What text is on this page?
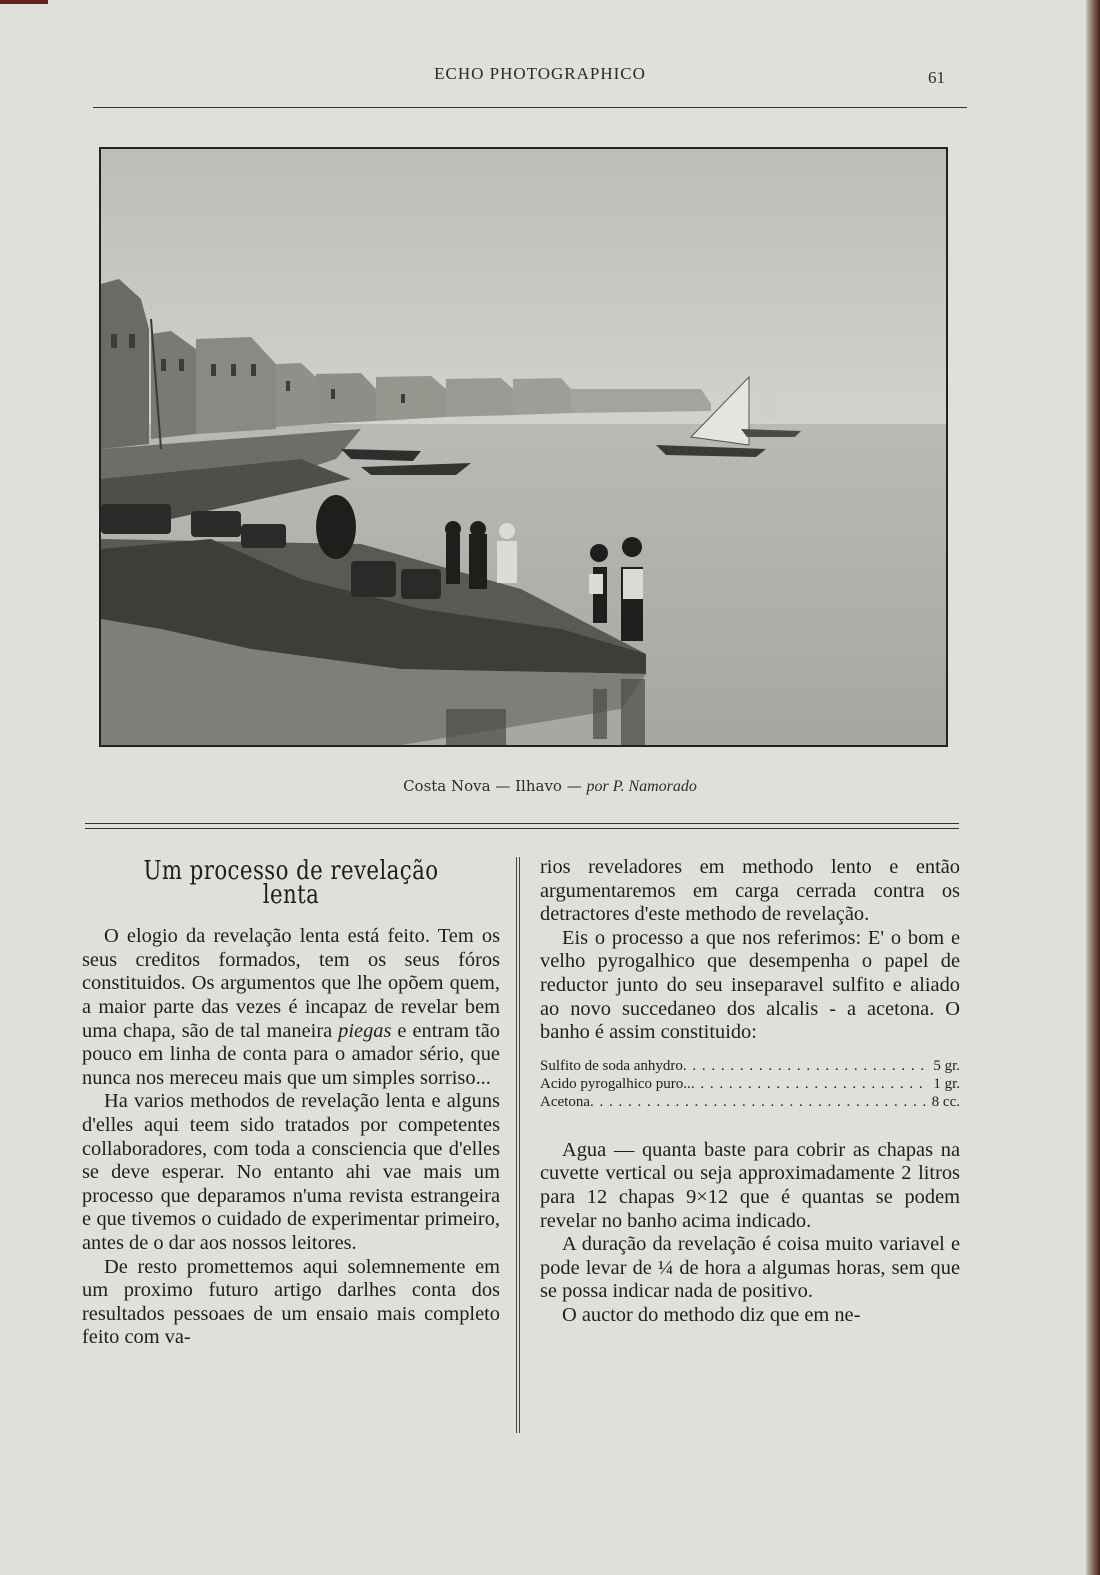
ECHO PHOTOGRAPHICO	61
Costa Nova — Ilhavo — por P. Namorado
Um processo de revelação lenta

O elogio da revelação lenta está feito. Tem os seus creditos formados, tem os seus fóros constituidos. Os argumentos que lhe opõem quem, a maior parte das vezes é incapaz de revelar bem uma chapa, são de tal maneira piegas e entram tão pouco em linha de conta para o amador sério, que nunca nos mereceu mais que um simples sorriso...

Ha varios methodos de revelação lenta e alguns d'elles aqui teem sido tratados por competentes collaboradores, com toda a consciencia que d'elles se deve esperar. No entanto ahi vae mais um processo que deparamos n'uma revista estrangeira e que tivemos o cuidado de experimentar primeiro, antes de o dar aos nossos leitores.

De resto promettemos aqui solemnemente em um proximo futuro artigo darlhes conta dos resultados pessoaes de um ensaio mais completo feito com va-

rios reveladores em methodo lento e então argumentaremos em carga cerrada contra os detractores d'este methodo de revelação.

Eis o processo a que nos referimos: E' o bom e velho pyrogalhico que desempenha o papel de reductor junto do seu inseparavel sulfito e aliado ao novo succedaneo dos alcalis - a acetona. O banho é assim constituido:

Sulfito de soda anhydro . . .	5 gr.
Acido pyrogalhico puro.. . . .	1 gr.
Acetona . . .	8 cc.

Agua — quanta baste para cobrir as chapas na cuvette vertical ou seja approximadamente 2 litros para 12 chapas 9×12 que é quantas se podem revelar no banho acima indicado.

A duração da revelação é coisa muito variavel e pode levar de ¼ de hora a algumas horas, sem que se possa indicar nada de positivo.

O auctor do methodo diz que em ne-
